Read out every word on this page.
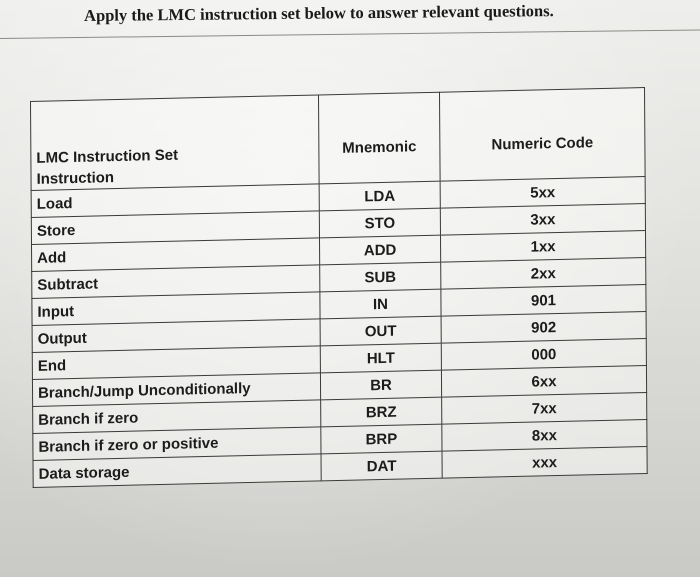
Apply the LMC instruction set below to answer relevant questions.
LMC Instruction Set
Instruction	Mnemonic	Numeric Code
Load	LDA	5xx
Store	STO	3xx
Add	ADD	1xx
Subtract	SUB	2xx
Input	IN	901
Output	OUT	902
End	HLT	000
Branch/Jump Unconditionally	BR	6xx
Branch if zero	BRZ	7xx
Branch if zero or positive	BRP	8xx
Data storage	DAT	xxx
